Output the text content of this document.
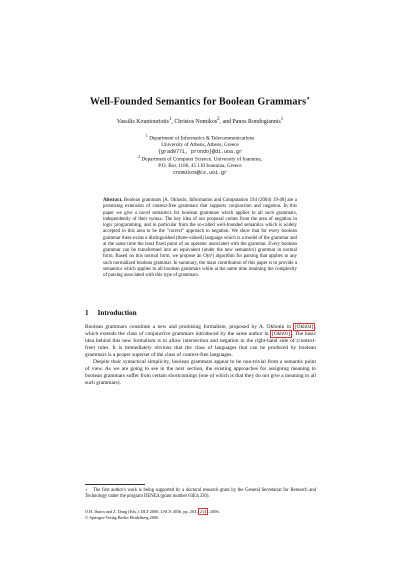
Well-Founded Semantics for Boolean Grammars⋆
Vassilis Kountouriotis$^1$, Christos Nomikos$^2$, and Panos Rondogiannis$^1$
$^1$ Department of Informatics & Telecommunications
University of Athens, Athens, Greece
{grad0771, prondo}@di.uoa.gr
$^2$ Department of Computer Science, University of Ioannina,
P.O. Box 1186, 45 110 Ioannina, Greece
cnomikos@cs.uoi.gr
Abstract. Boolean grammars [A. Okhotin, Information and Computation 194 (2004) 19-48] are a promising extension of context-free grammars that supports conjunction and negation. In this paper we give a novel semantics for boolean grammars which applies to all such grammars, independently of their syntax. The key idea of our proposal comes from the area of negation in logic programming, and in particular from the so-called well-founded semantics which is widely accepted in this area to be the "correct" approach to negation. We show that for every boolean grammar there exists a distinguished (three-valued) language which is a model of the grammar and at the same time the least fixed point of an operator associated with the grammar. Every boolean grammar can be transformed into an equivalent (under the new semantics) grammar in normal form. Based on this normal form, we propose an O(n³) algorithm for parsing that applies to any such normalized boolean grammar. In summary, the main contribution of this paper is to provide a semantics which applies to all boolean grammars while at the same time retaining the complexity of parsing associated with this type of grammars.
1 Introduction

Boolean grammars constitute a new and promising formalism, proposed by A. Okhotin in [Okh04] , which extends the class of conjunctive grammars introduced by the same author in [Okh01] . The basic idea behind this new formalism is to allow intersection and negation in the right-hand side of (context-free) rules. It is immediately obvious that the class of languages that can be produced by boolean grammars is a proper superset of the class of context-free languages.

Despite their syntactical simplicity, boolean grammars appear to be non-trivial from a semantic point of view. As we are going to see in the next section, the existing approaches for assigning meaning to boolean grammars suffer from certain shortcomings (one of which is that they do not give a meaning to all such grammars).

⋆ The first author's work is being supported by a doctoral research grant by the General Secretariat for Research and Technology under the program ΠENEΔ (grant number 03EΔ 330).
O.H. Ibarra and Z. Dang (Eds.): DLT 2006, LNCS 4036, pp. 203– 214 , 2006.
© Springer-Verlag Berlin Heidelberg 2006
